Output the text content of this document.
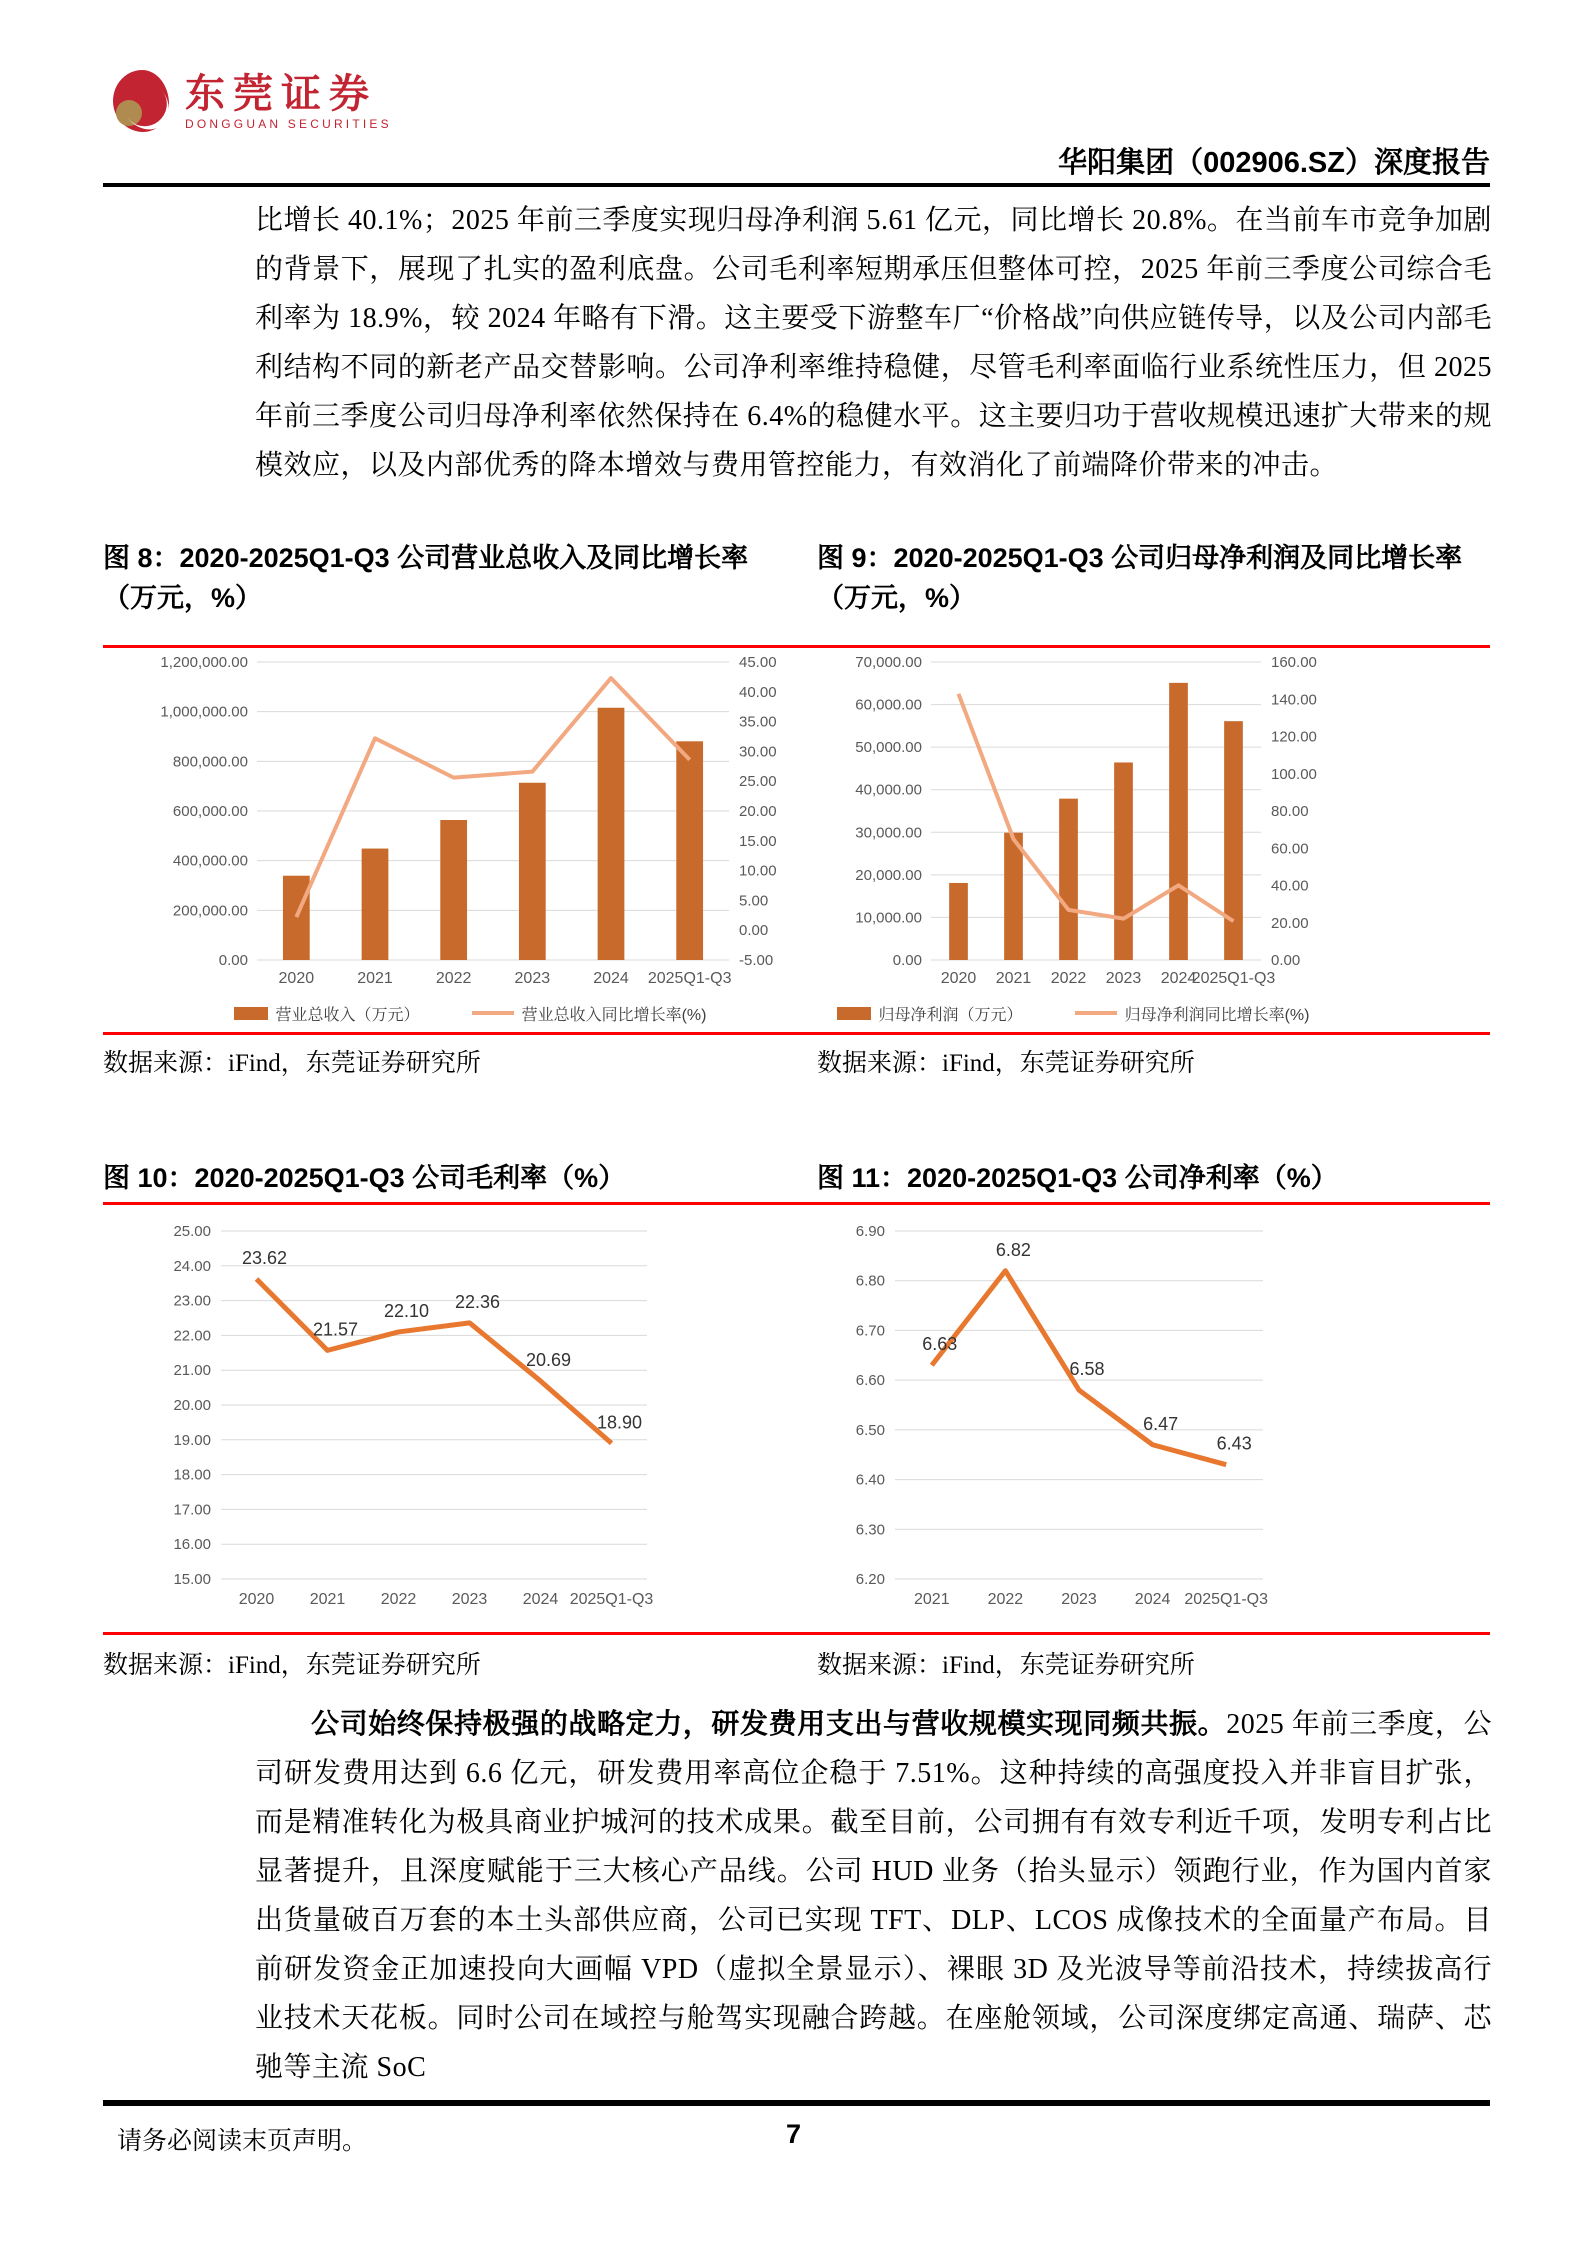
东莞证券
DONGGUAN SECURITIES
华阳集团（002906.SZ）深度报告
比增长 40.1%；2025 年前三季度实现归母净利润 5.61 亿元，同比增长 20.8%。在当前车市竞争加剧的背景下，展现了扎实的盈利底盘。公司毛利率短期承压但整体可控，2025 年前三季度公司综合毛利率为 18.9%，较 2024 年略有下滑。这主要受下游整车厂“价格战”向供应链传导，以及公司内部毛利结构不同的新老产品交替影响。公司净利率维持稳健，尽管毛利率面临行业系统性压力，但 2025 年前三季度公司归母净利率依然保持在 6.4%的稳健水平。这主要归功于营收规模迅速扩大带来的规模效应，以及内部优秀的降本增效与费用管控能力，有效消化了前端降价带来的冲击。
图 8：2020-2025Q1-Q3 公司营业总收入及同比增长率（万元，%）
图 9：2020-2025Q1-Q3 公司归母净利润及同比增长率（万元，%）
0.00
200,000.00
400,000.00
600,000.00
800,000.00
1,000,000.00
1,200,000.00
-5.00
0.00
5.00
10.00
15.00
20.00
25.00
30.00
35.00
40.00
45.00
2020	2021	2022	2023	2024 2025Q1-Q3
营业总收入（万元）	营业总收入同比增长率(%)
0.00
10,000.00
20,000.00
30,000.00
40,000.00
50,000.00
60,000.00
70,000.00
0.00
20.00
40.00
60.00
80.00
100.00
120.00
140.00
160.00
2020 2021 2022 2023 2024
2025Q1-Q3
归母净利润（万元）	归母净利润同比增长率(%)
数据来源：iFind，东莞证券研究所	数据来源：iFind，东莞证券研究所
图 10：2020-2025Q1-Q3 公司毛利率（%）	图 11：2020-2025Q1-Q3 公司净利率（%）
15.00
16.00
17.00
18.00
19.00
20.00
21.00
22.00
23.00
24.00
25.00
23.62
21.57
22.10 22.36
20.69
18.90
2020 2021 2022 2023 2024 2025Q1-Q3
6.20
6.30
6.40
6.50
6.60
6.70
6.80
6.90
6.63
6.82
6.58
6.47
6.43
2021 2022 2023 2024 2025Q1-Q3
数据来源：iFind，东莞证券研究所	数据来源：iFind，东莞证券研究所
公司始终保持极强的战略定力，研发费用支出与营收规模实现同频共振。2025 年前三季度，公司研发费用达到 6.6 亿元，研发费用率高位企稳于 7.51%。这种持续的高强度投入并非盲目扩张，而是精准转化为极具商业护城河的技术成果。截至目前，公司拥有有效专利近千项，发明专利占比显著提升，且深度赋能于三大核心产品线。公司 HUD 业务（抬头显示）领跑行业，作为国内首家出货量破百万套的本土头部供应商，公司已实现 TFT、DLP、LCOS 成像技术的全面量产布局。目前研发资金正加速投向大画幅 VPD（虚拟全景显示）、裸眼 3D 及光波导等前沿技术，持续拔高行业技术天花板。同时公司在域控与舱驾实现融合跨越。在座舱领域，公司深度绑定高通、瑞萨、芯驰等主流 SoC
请务必阅读末页声明。	7
